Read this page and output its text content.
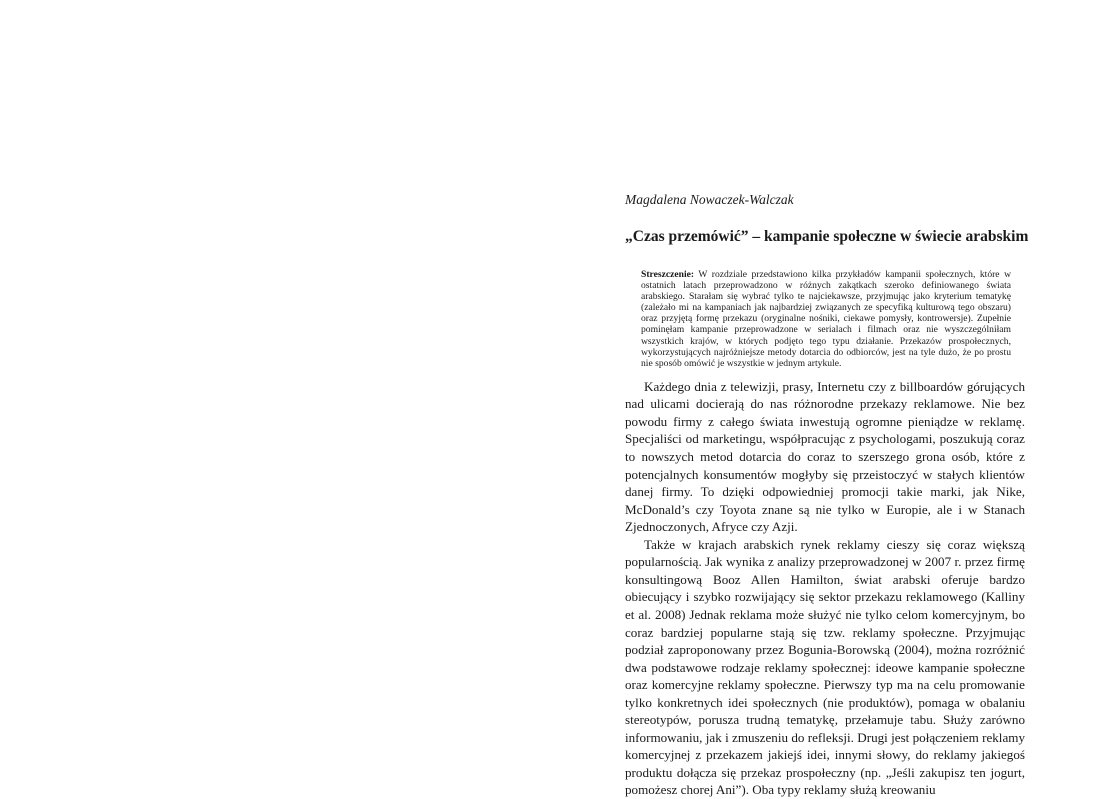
Magdalena Nowaczek-Walczak
„Czas przemówić” – kampanie społeczne w świecie arabskim
Streszczenie: W rozdziale przedstawiono kilka przykładów kampanii społecznych, które w ostatnich latach przeprowadzono w różnych zakątkach szeroko definiowanego świata arabskiego. Starałam się wybrać tylko te najciekawsze, przyjmując jako kryterium tematykę (zależało mi na kampaniach jak najbardziej związanych ze specyfiką kulturową tego obszaru) oraz przyjętą formę przekazu (oryginalne nośniki, ciekawe pomysły, kontrowersje). Zupełnie pominęłam kampanie przeprowadzone w serialach i filmach oraz nie wyszczególniłam wszystkich krajów, w których podjęto tego typu działanie. Przekazów prospołecznych, wykorzystujących najróżniejsze metody dotarcia do odbiorców, jest na tyle dużo, że po prostu nie sposób omówić je wszystkie w jednym artykule.

Każdego dnia z telewizji, prasy, Internetu czy z billboardów górujących nad ulicami docierają do nas różnorodne przekazy reklamowe. Nie bez powodu firmy z całego świata inwestują ogromne pieniądze w reklamę. Specjaliści od marketingu, współpracując z psychologami, poszukują coraz to nowszych metod dotarcia do coraz to szerszego grona osób, które z potencjalnych konsumentów mogłyby się przeistoczyć w stałych klientów danej firmy. To dzięki odpowiedniej promocji takie marki, jak Nike, McDonald’s czy Toyota znane są nie tylko w Europie, ale i w Stanach Zjednoczonych, Afryce czy Azji.

Także w krajach arabskich rynek reklamy cieszy się coraz większą popularnością. Jak wynika z analizy przeprowadzonej w 2007 r. przez firmę konsultingową Booz Allen Hamilton, świat arabski oferuje bardzo obiecujący i szybko rozwijający się sektor przekazu reklamowego (Kalliny et al. 2008) Jednak reklama może służyć nie tylko celom komercyjnym, bo coraz bardziej popularne stają się tzw. reklamy społeczne. Przyjmując podział zaproponowany przez Bogunia-Borowską (2004), można rozróżnić dwa podstawowe rodzaje reklamy społecznej: ideowe kampanie społeczne oraz komercyjne reklamy społeczne. Pierwszy typ ma na celu promowanie tylko konkretnych idei społecznych (nie produktów), pomaga w obalaniu stereotypów, porusza trudną tematykę, przełamuje tabu. Służy zarówno informowaniu, jak i zmuszeniu do refleksji. Drugi jest połączeniem reklamy komercyjnej z przekazem jakiejś idei, innymi słowy, do reklamy jakiegoś produktu dołącza się przekaz prospołeczny (np. „Jeśli zakupisz ten jogurt, pomożesz chorej Ani”). Oba typy reklamy służą kreowaniu
